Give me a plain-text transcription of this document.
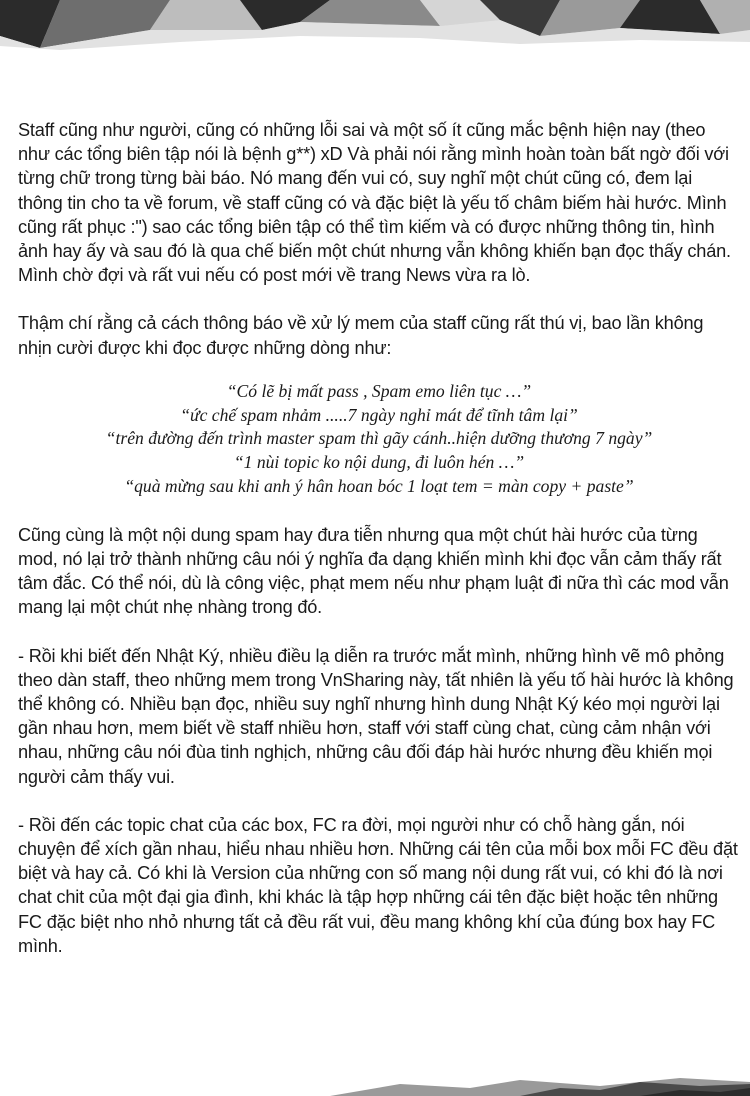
Staff cũng như người, cũng có những lỗi sai và một số ít cũng mắc bệnh hiện nay (theo như các tổng biên tập nói là bệnh g**) xD Và phải nói rằng mình hoàn toàn bất ngờ đối với từng chữ trong từng bài báo. Nó mang đến vui có, suy nghĩ một chút cũng có, đem lại thông tin cho ta về forum, về staff cũng có và đặc biệt là yếu tố châm biếm hài hước. Mình cũng rất phục :") sao các tổng biên tập có thể tìm kiếm và có được những thông tin, hình ảnh hay ấy và sau đó là qua chế biến một chút nhưng vẫn không khiến bạn đọc thấy chán. Mình chờ đợi và rất vui nếu có post mới về trang News vừa ra lò.

Thậm chí rằng cả cách thông báo về xử lý mem của staff cũng rất thú vị, bao lần không nhịn cười được khi đọc được những dòng như:

“Có lẽ bị mất pass , Spam emo liên tục …”
“ức chế spam nhảm .....7 ngày nghỉ mát để tĩnh tâm lại”
“trên đường đến trình master spam thì gãy cánh..hiện dưỡng thương 7 ngày”
“1 nùi topic ko nội dung, đi luôn hén …”
“quà mừng sau khi anh ý hân hoan bóc 1 loạt tem = màn copy + paste”

Cũng cùng là một nội dung spam hay đưa tiễn nhưng qua một chút hài hước của từng mod, nó lại trở thành những câu nói ý nghĩa đa dạng khiến mình khi đọc vẫn cảm thấy rất tâm đắc. Có thể nói, dù là công việc, phạt mem nếu như phạm luật đi nữa thì các mod vẫn mang lại một chút nhẹ nhàng trong đó.

- Rồi khi biết đến Nhật Ký, nhiều điều lạ diễn ra trước mắt mình, những hình vẽ mô phỏng theo dàn staff, theo những mem trong VnSharing này, tất nhiên là yếu tố hài hước là không thể không có. Nhiều bạn đọc, nhiều suy nghĩ nhưng hình dung Nhật Ký kéo mọi người lại gần nhau hơn, mem biết về staff nhiều hơn, staff với staff cùng chat, cùng cảm nhận với nhau, những câu nói đùa tinh nghịch, những câu đối đáp hài hước nhưng đều khiến mọi người cảm thấy vui.

- Rồi đến các topic chat của các box, FC ra đời, mọi người như có chỗ hàng gắn, nói chuyện để xích gần nhau, hiểu nhau nhiều hơn. Những cái tên của mỗi box mỗi FC đều đặt biệt và hay cả. Có khi là Version của những con số mang nội dung rất vui, có khi đó là nơi chat chit của một đại gia đình, khi khác là tập hợp những cái tên đặc biệt hoặc tên những FC đặc biệt nho nhỏ nhưng tất cả đều rất vui, đều mang không khí của đúng box hay FC mình.
